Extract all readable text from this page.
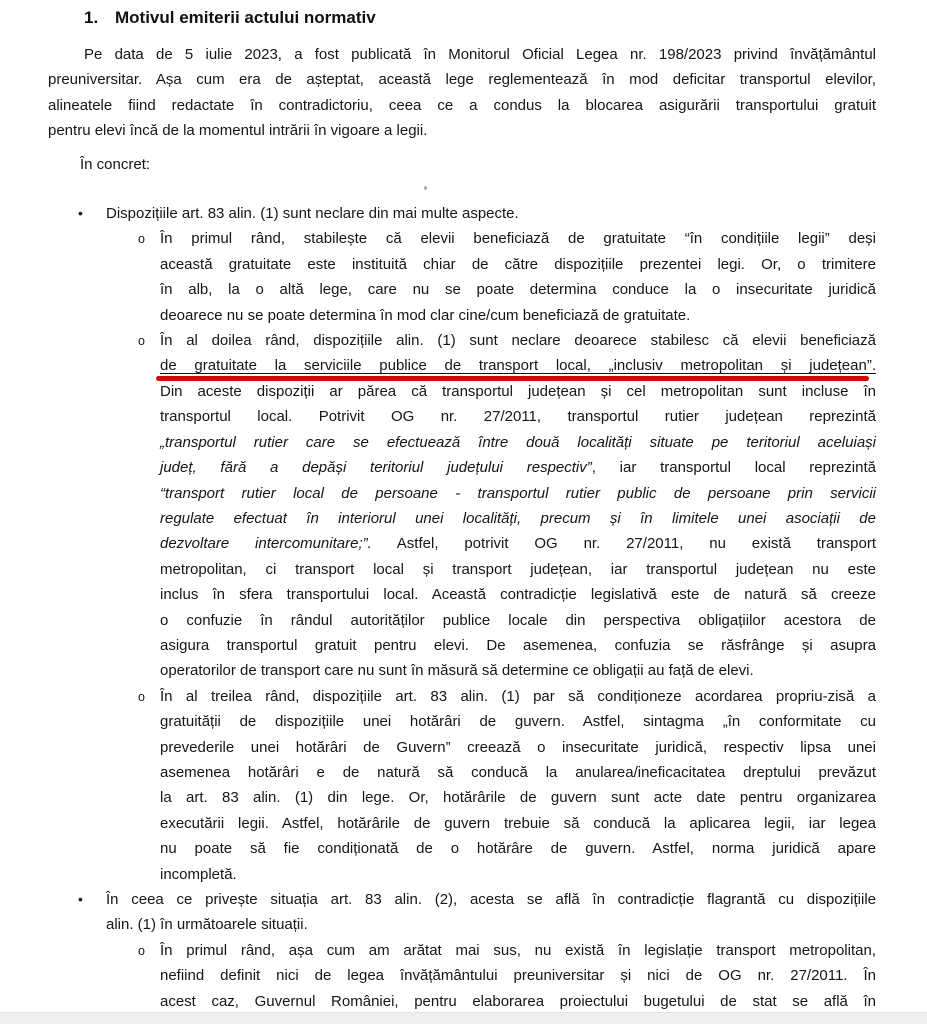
1. Motivul emiterii actului normativ
Pe data de 5 iulie 2023, a fost publicată în Monitorul Oficial Legea nr. 198/2023 privind învățământul
preuniversitar. Așa cum era de așteptat, această lege reglementează în mod deficitar transportul elevilor,
alineatele fiind redactate în contradictoriu, ceea ce a condus la blocarea asigurării transportului gratuit
pentru elevi încă de la momentul intrării în vigoare a legii.
În concret:
• Dispozițiile art. 83 alin. (1) sunt neclare din mai multe aspecte.
o În primul rând, stabilește că elevii beneficiază de gratuitate “în condițiile legii” deși
această gratuitate este instituită chiar de către dispozițiile prezentei legi. Or, o trimitere
în alb, la o altă lege, care nu se poate determina conduce la o insecuritate juridică
deoarece nu se poate determina în mod clar cine/cum beneficiază de gratuitate.
o În al doilea rând, dispozițiile alin. (1) sunt neclare deoarece stabilesc că elevii beneficiază
de gratuitate la serviciile publice de transport local, „inclusiv metropolitan și județean”.
Din aceste dispoziții ar părea că transportul județean și cel metropolitan sunt incluse în
transportul local. Potrivit OG nr. 27/2011, transportul rutier județean reprezintă
„transportul rutier care se efectuează între două localități situate pe teritoriul aceluiași
județ, fără a depăși teritoriul județului respectiv”, iar transportul local reprezintă
“transport rutier local de persoane - transportul rutier public de persoane prin servicii
regulate efectuat în interiorul unei localități, precum și în limitele unei asociații de
dezvoltare intercomunitare;”. Astfel, potrivit OG nr. 27/2011, nu există transport
metropolitan, ci transport local și transport județean, iar transportul județean nu este
inclus în sfera transportului local. Această contradicție legislativă este de natură să creeze
o confuzie în rândul autorităților publice locale din perspectiva obligațiilor acestora de
asigura transportul gratuit pentru elevi. De asemenea, confuzia se răsfrânge și asupra
operatorilor de transport care nu sunt în măsură să determine ce obligații au față de elevi.
o În al treilea rând, dispozițiile art. 83 alin. (1) par să condiționeze acordarea propriu-zisă a
gratuității de dispozițiile unei hotărâri de guvern. Astfel, sintagma „în conformitate cu
prevederile unei hotărâri de Guvern” creează o insecuritate juridică, respectiv lipsa unei
asemenea hotărâri e de natură să conducă la anularea/ineficacitatea dreptului prevăzut
la art. 83 alin. (1) din lege. Or, hotărârile de guvern sunt acte date pentru organizarea
executării legii. Astfel, hotărârile de guvern trebuie să conducă la aplicarea legii, iar legea
nu poate să fie condiționată de o hotărâre de guvern. Astfel, norma juridică apare
incompletă.
• În ceea ce privește situația art. 83 alin. (2), acesta se află în contradicție flagrantă cu dispozițiile
alin. (1) în următoarele situații.
o În primul rând, așa cum am arătat mai sus, nu există în legislație transport metropolitan,
nefiind definit nici de legea învățământului preuniversitar și nici de OG nr. 27/2011. În
acest caz, Guvernul României, pentru elaborarea proiectului bugetului de stat se află în
